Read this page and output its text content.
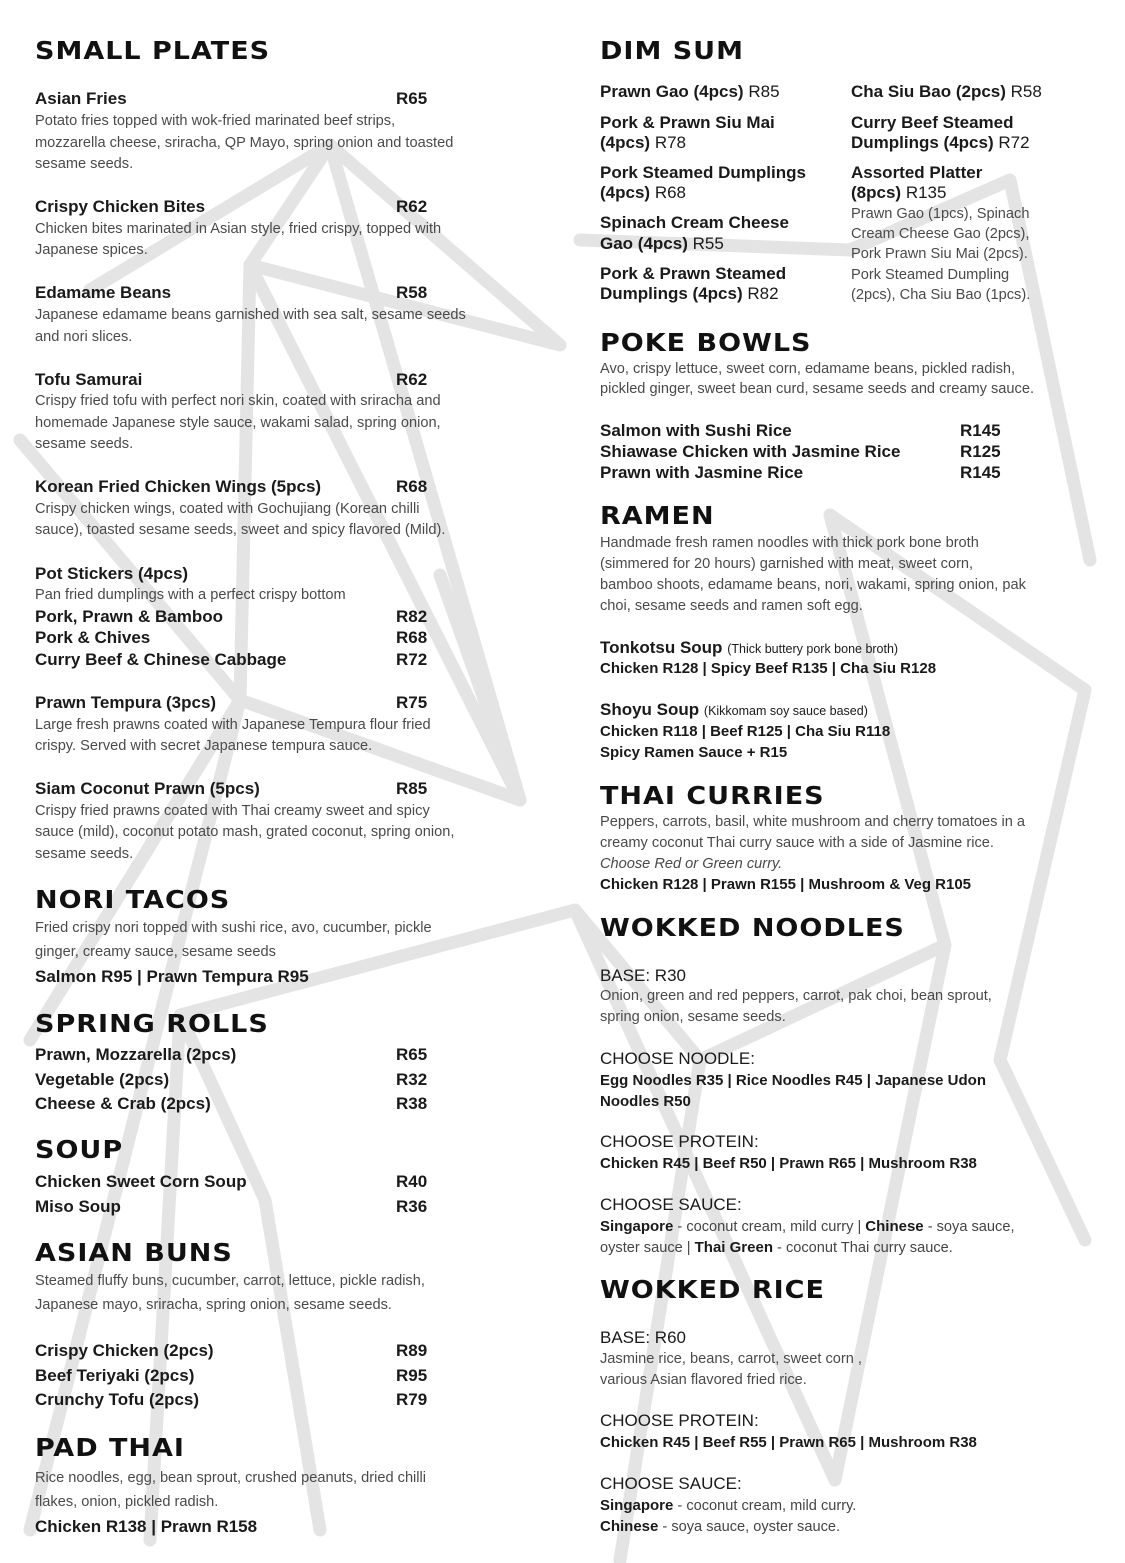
SMALL PLATES
Asian Fries	R65
Potato fries topped with wok-fried marinated beef strips,
mozzarella cheese, sriracha, QP Mayo, spring onion and toasted
sesame seeds.
Crispy Chicken Bites	R62
Chicken bites marinated in Asian style, fried crispy, topped with
Japanese spices.
Edamame Beans	R58
Japanese edamame beans garnished with sea salt, sesame seeds
and nori slices.
Tofu Samurai	R62
Crispy fried tofu with perfect nori skin, coated with sriracha and
homemade Japanese style sauce, wakami salad, spring onion,
sesame seeds.
Korean Fried Chicken Wings (5pcs)	R68
Crispy chicken wings, coated with Gochujiang (Korean chilli
sauce), toasted sesame seeds, sweet and spicy flavored (Mild).
Pot Stickers (4pcs)
Pan fried dumplings with a perfect crispy bottom
Pork, Prawn & Bamboo	R82
Pork & Chives	R68
Curry Beef & Chinese Cabbage	R72
Prawn Tempura (3pcs)	R75
Large fresh prawns coated with Japanese Tempura flour fried
crispy. Served with secret Japanese tempura sauce.
Siam Coconut Prawn (5pcs)	R85
Crispy fried prawns coated with Thai creamy sweet and spicy
sauce (mild), coconut potato mash, grated coconut, spring onion,
sesame seeds.
NORI TACOS
Fried crispy nori topped with sushi rice, avo, cucumber, pickle
ginger, creamy sauce, sesame seeds
Salmon R95 | Prawn Tempura R95
SPRING ROLLS
Prawn, Mozzarella (2pcs)	R65
Vegetable (2pcs)	R32
Cheese & Crab (2pcs)	R38
SOUP
Chicken Sweet Corn Soup	R40
Miso Soup	R36
ASIAN BUNS
Steamed fluffy buns, cucumber, carrot, lettuce, pickle radish,
Japanese mayo, sriracha, spring onion, sesame seeds.
Crispy Chicken (2pcs)	R89
Beef Teriyaki (2pcs)	R95
Crunchy Tofu (2pcs)	R79
PAD THAI
Rice noodles, egg, bean sprout, crushed peanuts, dried chilli
flakes, onion, pickled radish.
Chicken R138 | Prawn R158
DIM SUM
Prawn Gao (4pcs) R85
Pork & Prawn Siu Mai
(4pcs) R78
Pork Steamed Dumplings
(4pcs) R68
Spinach Cream Cheese
Gao (4pcs) R55
Pork & Prawn Steamed
Dumplings (4pcs) R82
Cha Siu Bao (2pcs) R58
Curry Beef Steamed
Dumplings (4pcs) R72
Assorted Platter
(8pcs) R135
Prawn Gao (1pcs), Spinach
Cream Cheese Gao (2pcs),
Pork Prawn Siu Mai (2pcs).
Pork Steamed Dumpling
(2pcs), Cha Siu Bao (1pcs).
POKE BOWLS
Avo, crispy lettuce, sweet corn, edamame beans, pickled radish,
pickled ginger, sweet bean curd, sesame seeds and creamy sauce.
Salmon with Sushi Rice	R145
Shiawase Chicken with Jasmine Rice	R125
Prawn with Jasmine Rice	R145
RAMEN
Handmade fresh ramen noodles with thick pork bone broth
(simmered for 20 hours) garnished with meat, sweet corn,
bamboo shoots, edamame beans, nori, wakami, spring onion, pak
choi, sesame seeds and ramen soft egg.
Tonkotsu Soup (Thick buttery pork bone broth)
Chicken R128 | Spicy Beef R135 | Cha Siu R128
Shoyu Soup (Kikkomam soy sauce based)
Chicken R118 | Beef R125 | Cha Siu R118
Spicy Ramen Sauce + R15
THAI CURRIES
Peppers, carrots, basil, white mushroom and cherry tomatoes in a
creamy coconut Thai curry sauce with a side of Jasmine rice.
Choose Red or Green curry.
Chicken R128 | Prawn R155 | Mushroom & Veg R105
WOKKED NOODLES
BASE: R30
Onion, green and red peppers, carrot, pak choi, bean sprout,
spring onion, sesame seeds.
CHOOSE NOODLE:
Egg Noodles R35 | Rice Noodles R45 | Japanese Udon
Noodles R50
CHOOSE PROTEIN:
Chicken R45 | Beef R50 | Prawn R65 | Mushroom R38
CHOOSE SAUCE:
Singapore - coconut cream, mild curry | Chinese - soya sauce,
oyster sauce | Thai Green - coconut Thai curry sauce.
WOKKED RICE
BASE: R60
Jasmine rice, beans, carrot, sweet corn ,
various Asian flavored fried rice.
CHOOSE PROTEIN:
Chicken R45 | Beef R55 | Prawn R65 | Mushroom R38
CHOOSE SAUCE:
Singapore - coconut cream, mild curry.
Chinese - soya sauce, oyster sauce.
